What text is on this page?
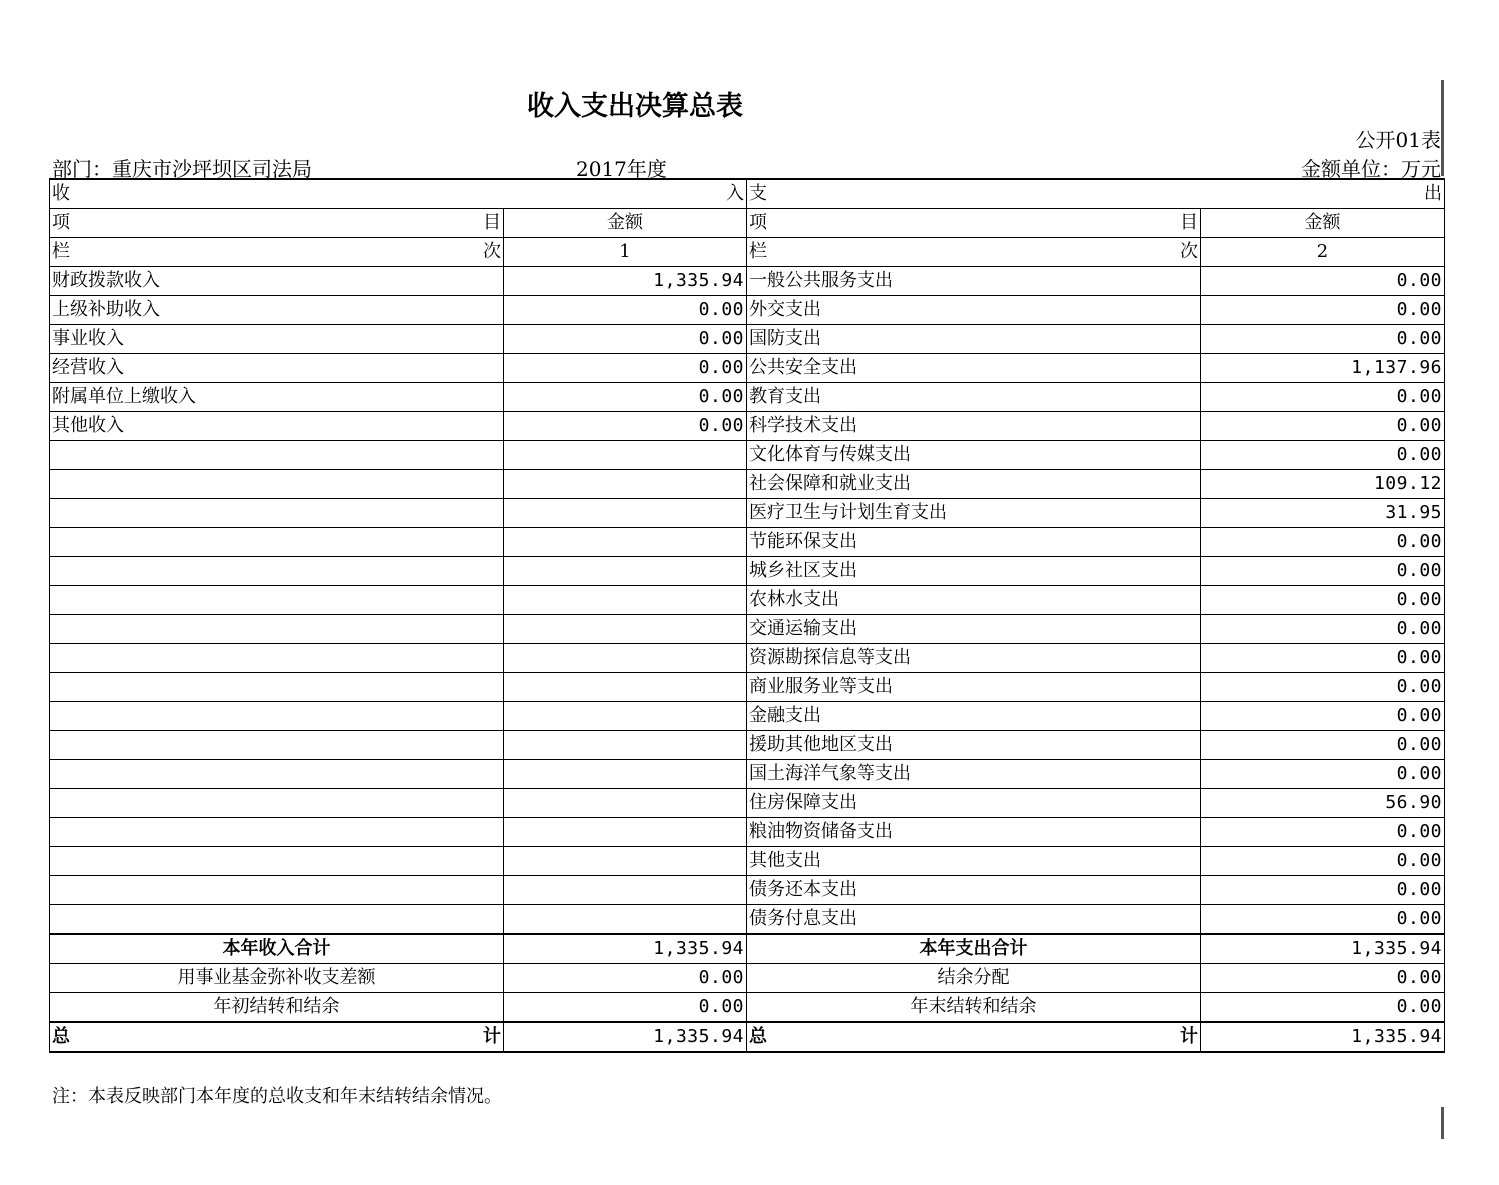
收入支出决算总表
公开01表
部门：重庆市沙坪坝区司法局	2017年度	金额单位：万元
收 入		支 出	

项 目	金额	项 目	金额

栏 次	1	栏 次	2
财政拨款收入	1,335.94	一般公共服务支出	0.00
上级补助收入	0.00	外交支出	0.00
事业收入	0.00	国防支出	0.00
经营收入	0.00	公共安全支出	1,137.96
附属单位上缴收入	0.00	教育支出	0.00
其他收入	0.00	科学技术支出	0.00
		文化体育与传媒支出	0.00
		社会保障和就业支出	109.12
		医疗卫生与计划生育支出	31.95
		节能环保支出	0.00
		城乡社区支出	0.00
		农林水支出	0.00
		交通运输支出	0.00
		资源勘探信息等支出	0.00
		商业服务业等支出	0.00
		金融支出	0.00
		援助其他地区支出	0.00
		国土海洋气象等支出	0.00
		住房保障支出	56.90
		粮油物资储备支出	0.00
		其他支出	0.00
		债务还本支出	0.00
		债务付息支出	0.00
本年收入合计	1,335.94	本年支出合计	1,335.94
用事业基金弥补收支差额	0.00	结余分配	0.00
年初结转和结余	0.00	年末结转和结余	0.00

总 计	1,335.94	总 计	1,335.94
注：本表反映部门本年度的总收支和年末结转结余情况。
